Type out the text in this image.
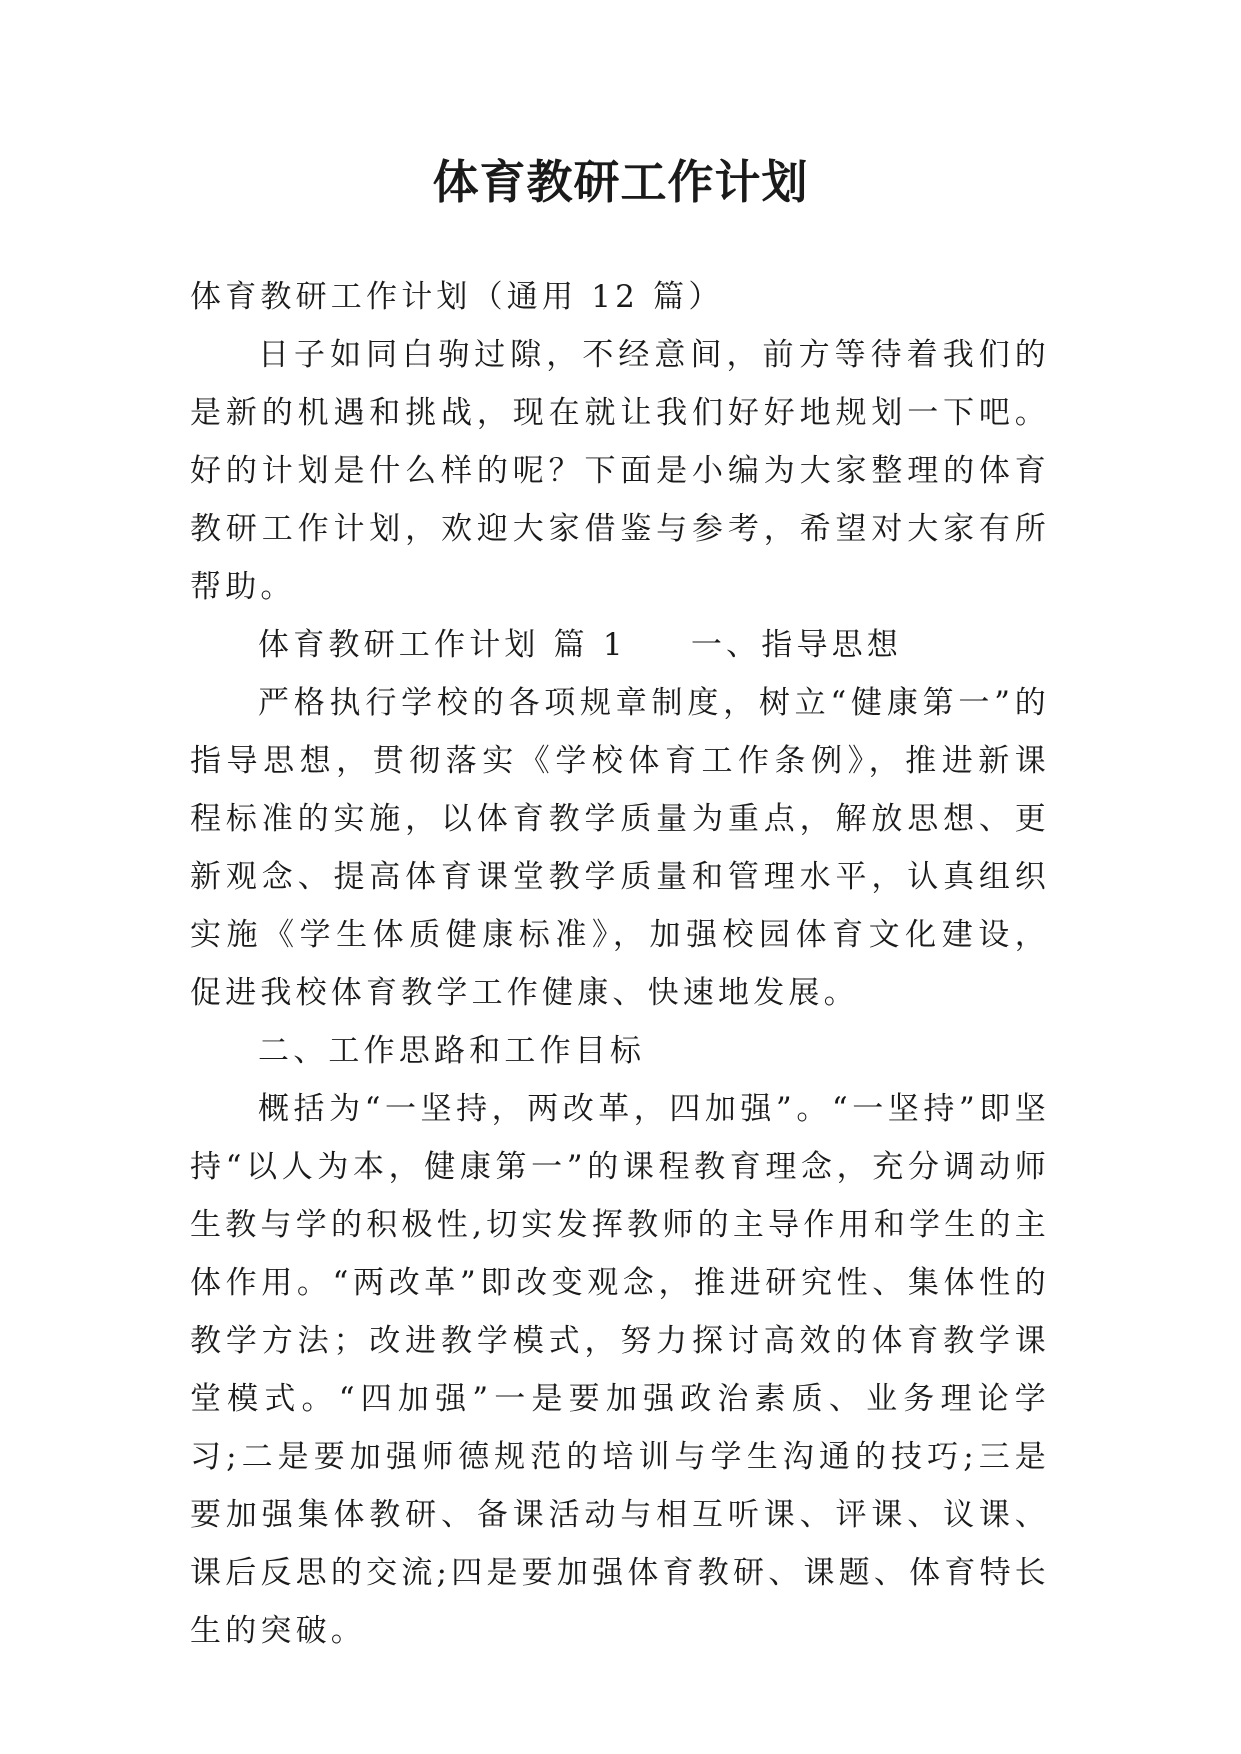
体育教研工作计划

体育教研工作计划（通用 12 篇）

日子如同白驹过隙，不经意间，前方等待着我们的是新的机遇和挑战，现在就让我们好好地规划一下吧。好的计划是什么样的呢？下面是小编为大家整理的体育教研工作计划，欢迎大家借鉴与参考，希望对大家有所帮助。

体育教研工作计划 篇 1 一、指导思想

严格执行学校的各项规章制度，树立“健康第一”的指导思想，贯彻落实《学校体育工作条例》，推进新课程标准的实施，以体育教学质量为重点，解放思想、更新观念、提高体育课堂教学质量和管理水平，认真组织实施《学生体质健康标准》，加强校园体育文化建设，促进我校体育教学工作健康、快速地发展。

二、工作思路和工作目标

概括为“一坚持，两改革，四加强”。“一坚持”即坚持“以人为本，健康第一”的课程教育理念，充分调动师生教与学的积极性,切实发挥教师的主导作用和学生的主体作用。“两改革”即改变观念，推进研究性、集体性的教学方法；改进教学模式，努力探讨高效的体育教学课堂模式。“四加强”一是要加强政治素质、业务理论学习;二是要加强师德规范的培训与学生沟通的技巧;三是要加强集体教研、备课活动与相互听课、评课、议课、课后反思的交流;四是要加强体育教研、课题、体育特长生的突破。
